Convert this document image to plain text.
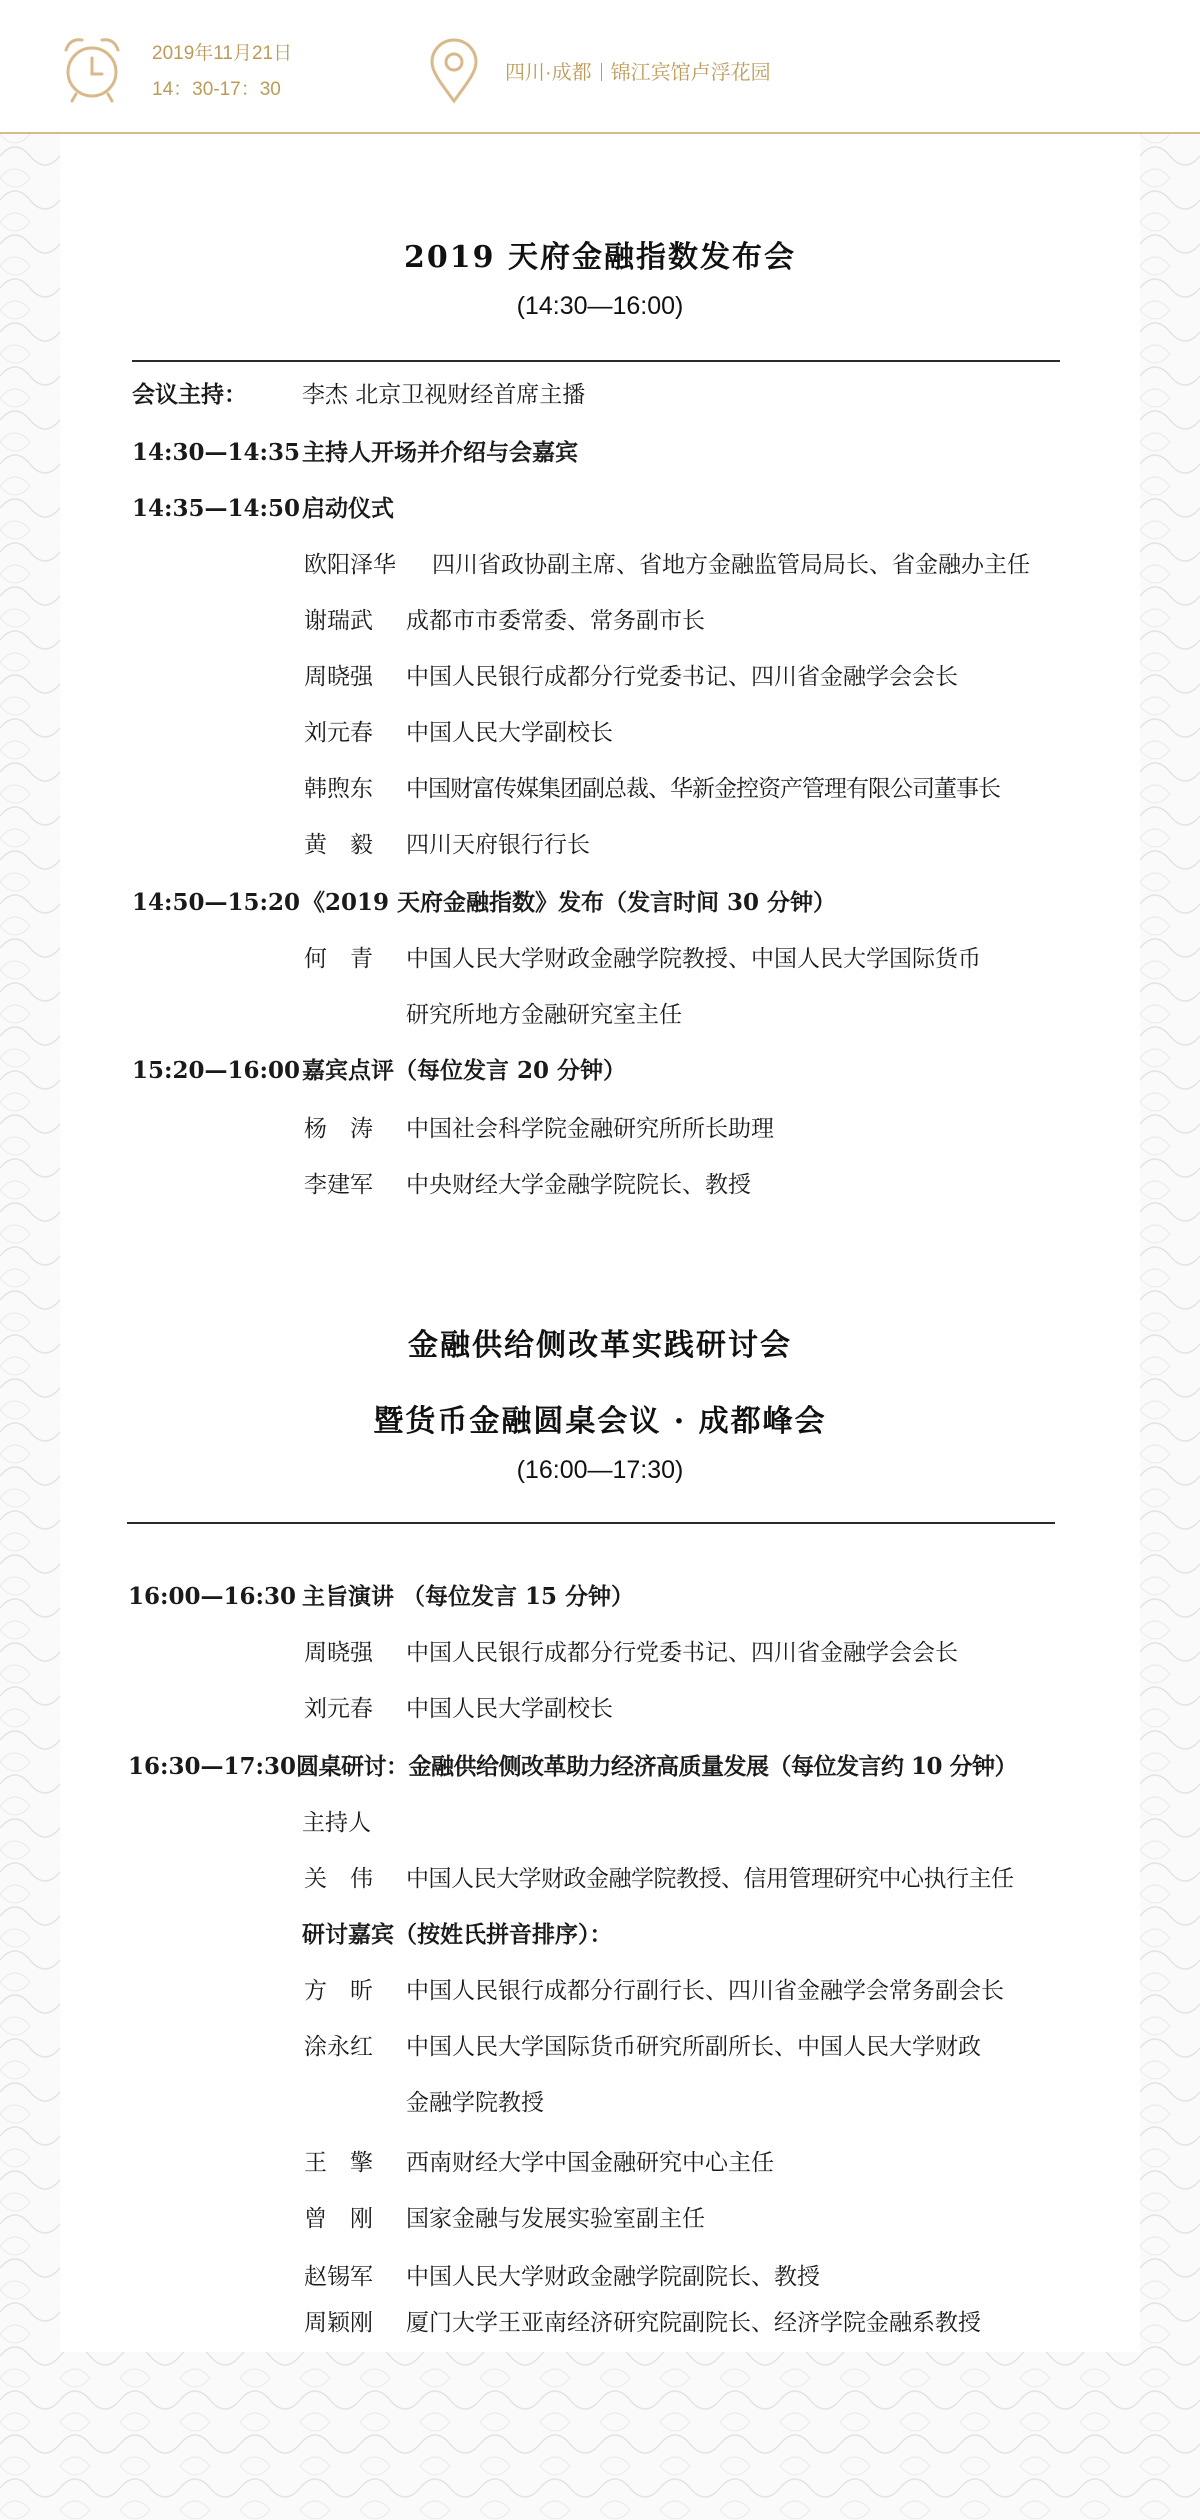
2019年11月21日
14：30-17：30
四川·成都 锦江宾馆卢浮花园
2019 天府金融指数发布会
(14:30—16:00)
会议主持： 李杰 北京卫视财经首席主播
14:30—14:35 主持人开场并介绍与会嘉宾
14:35—14:50 启动仪式
欧阳泽华 四川省政协副主席、省地方金融监管局局长、省金融办主任
谢瑞武 成都市市委常委、常务副市长
周晓强 中国人民银行成都分行党委书记、四川省金融学会会长
刘元春 中国人民大学副校长
韩煦东 中国财富传媒集团副总裁、华新金控资产管理有限公司董事长
黄　毅 四川天府银行行长
14:50—15:20 《2019 天府金融指数》发布（发言时间 30 分钟）
何　青 中国人民大学财政金融学院教授、中国人民大学国际货币
研究所地方金融研究室主任
15:20—16:00 嘉宾点评（每位发言 20 分钟）
杨　涛 中国社会科学院金融研究所所长助理
李建军 中央财经大学金融学院院长、教授
金融供给侧改革实践研讨会
暨货币金融圆桌会议 · 成都峰会
(16:00—17:30)
16:00—16:30 主旨演讲 （每位发言 15 分钟）
周晓强 中国人民银行成都分行党委书记、四川省金融学会会长
刘元春 中国人民大学副校长
16:30—17:30 圆桌研讨：金融供给侧改革助力经济高质量发展（每位发言约 10 分钟）
主持人
关　伟 中国人民大学财政金融学院教授、信用管理研究中心执行主任
研讨嘉宾（按姓氏拼音排序）：
方　昕 中国人民银行成都分行副行长、四川省金融学会常务副会长
涂永红 中国人民大学国际货币研究所副所长、中国人民大学财政
金融学院教授
王　擎 西南财经大学中国金融研究中心主任
曾　刚 国家金融与发展实验室副主任
赵锡军 中国人民大学财政金融学院副院长、教授
周颖刚 厦门大学王亚南经济研究院副院长、经济学院金融系教授
